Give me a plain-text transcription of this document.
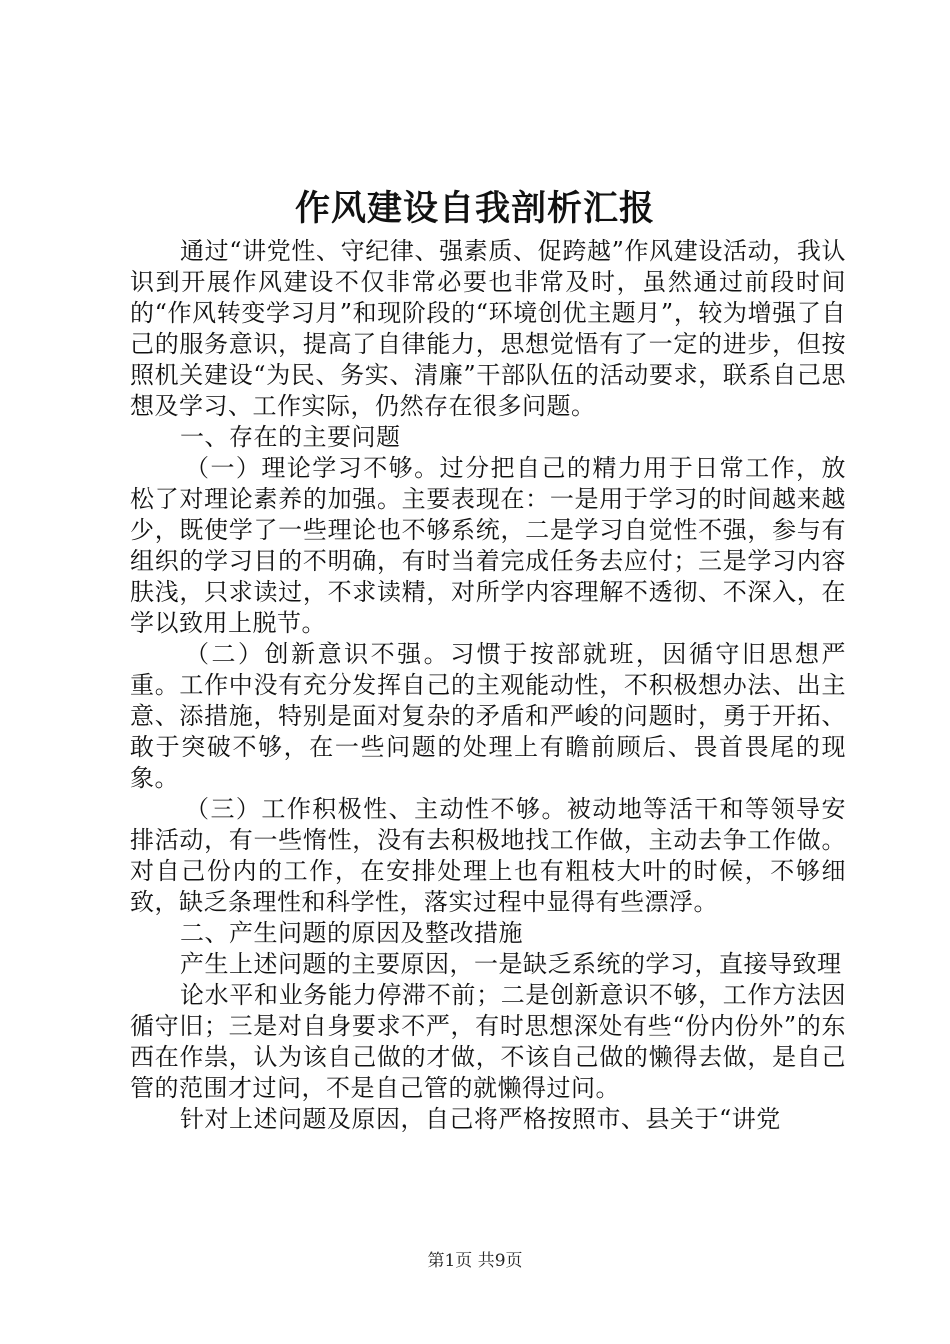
作风建设自我剖析汇报

通过“讲党性、守纪律、强素质、促跨越”作风建设活动，我认识到开展作风建设不仅非常必要也非常及时，虽然通过前段时间的“作风转变学习月”和现阶段的“环境创优主题月”，较为增强了自己的服务意识，提高了自律能力，思想觉悟有了一定的进步，但按照机关建设“为民、务实、清廉”干部队伍的活动要求，联系自己思想及学习、工作实际，仍然存在很多问题。

一、存在的主要问题

（一）理论学习不够。过分把自己的精力用于日常工作，放松了对理论素养的加强。主要表现在：一是用于学习的时间越来越少，既使学了一些理论也不够系统，二是学习自觉性不强，参与有组织的学习目的不明确，有时当着完成任务去应付；三是学习内容肤浅，只求读过，不求读精，对所学内容理解不透彻、不深入，在学以致用上脱节。

（二）创新意识不强。习惯于按部就班，因循守旧思想严重。工作中没有充分发挥自己的主观能动性，不积极想办法、出主意、添措施，特别是面对复杂的矛盾和严峻的问题时，勇于开拓、敢于突破不够，在一些问题的处理上有瞻前顾后、畏首畏尾的现象。

（三）工作积极性、主动性不够。被动地等活干和等领导安排活动，有一些惰性，没有去积极地找工作做，主动去争工作做。对自己份内的工作，在安排处理上也有粗枝大叶的时候，不够细致，缺乏条理性和科学性，落实过程中显得有些漂浮。

二、产生问题的原因及整改措施

产生上述问题的主要原因，一是缺乏系统的学习，直接导致理

论水平和业务能力停滞不前；二是创新意识不够，工作方法因循守旧；三是对自身要求不严，有时思想深处有些“份内份外”的东西在作祟，认为该自己做的才做，不该自己做的懒得去做，是自己管的范围才过问，不是自己管的就懒得过问。

针对上述问题及原因，自己将严格按照市、县关于“讲党

第1页 共9页
